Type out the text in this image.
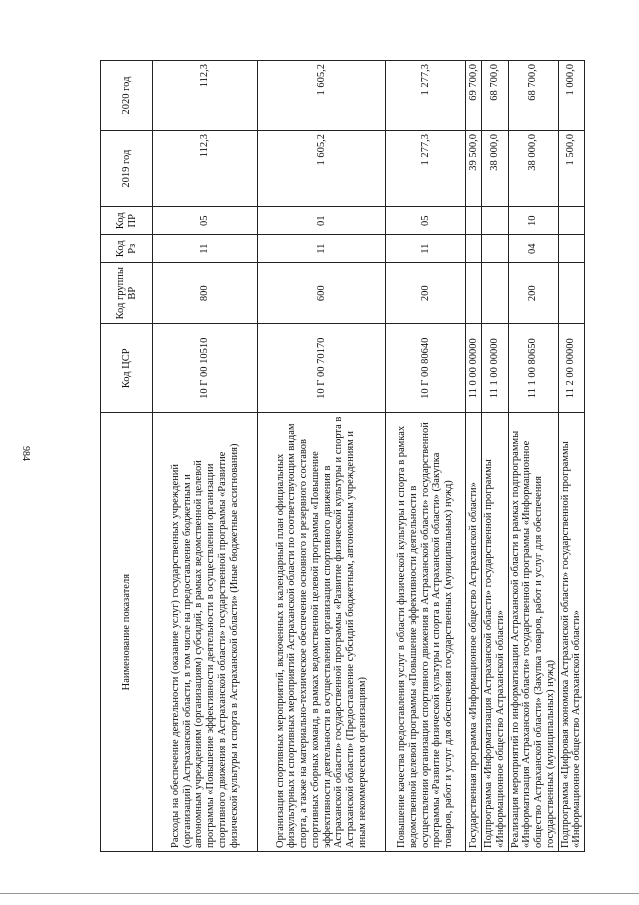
984
Наименование показателя	Код ЦСР	Код группы ВР	Код Рз	Код ПР	2019 год	2020 год
Расходы на обеспечение деятельности (оказание услуг) государственных учреждений (организаций) Астраханской области, в том числе на предоставление бюджетным и автономным учреждениям (организациям) субсидий, в рамках ведомственной целевой программы «Повышение эффективности деятельности в осуществлении организации спортивного движения в Астраханской области» государственной программы «Развитие физической культуры и спорта в Астраханской области» (Иные бюджетные ассигнования)	10 Г 00 10510	800	11	05	112,3	112,3
Организация спортивных мероприятий, включенных в календарный план официальных физкультурных и спортивных мероприятий Астраханской области по соответствующим видам спорта, а также на материально-техническое обеспечение основного и резервного составов спортивных сборных команд, в рамках ведомственной целевой программы «Повышение эффективности деятельности в осуществлении организации спортивного движения в Астраханской области» государственной программы «Развитие физической культуры и спорта в Астраханской области» (Предоставление субсидий бюджетным, автономным учреждениям и иным некоммерческим организациям)	10 Г 00 70170	600	11	01	1 605,2	1 605,2
Повышение качества предоставления услуг в области физической культуры и спорта в рамках ведомственной целевой программы «Повышение эффективности деятельности в осуществлении организации спортивного движения в Астраханской области» государственной программы «Развитие физической культуры и спорта в Астраханской области» (Закупка товаров, работ и услуг для обеспечения государственных (муниципальных) нужд)	10 Г 00 80640	200	11	05	1 277,3	1 277,3
Государственная программа «Информационное общество Астраханской области»	11 0 00 00000				39 500,0	69 700,0
Подпрограмма «Информатизация Астраханской области» государственной программы «Информационное общество Астраханской области»	11 1 00 00000				38 000,0	68 700,0
Реализация мероприятий по информатизации Астраханской области в рамках подпрограммы «Информатизация Астраханской области» государственной программы «Информационное общество Астраханской области» (Закупка товаров, работ и услуг для обеспечения государственных (муниципальных) нужд)	11 1 00 80650	200	04	10	38 000,0	68 700,0
Подпрограмма «Цифровая экономика Астраханской области» государственной программы «Информационное общество Астраханской области»	11 2 00 00000				1 500,0	1 000,0
